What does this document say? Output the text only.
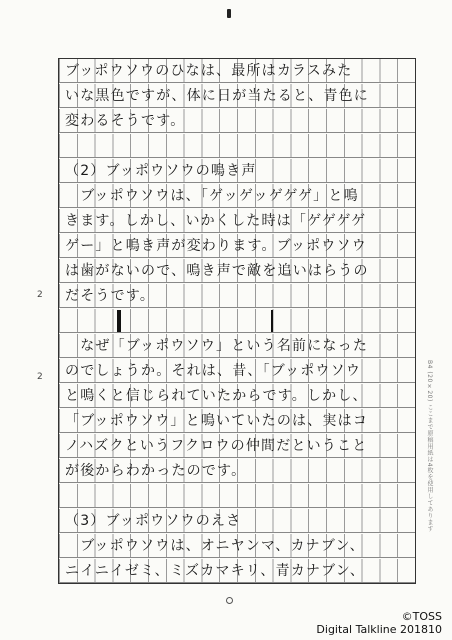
2
2	B4 (20×20) ここまで原稿用紙は4枚を使用してあります
ブッポウソウのひなは、最所はカラスみた
いな黒色ですが、体に日が当たると、青色に
変わるそうです。
（2）ブッポウソウの鳴き声
　ブッポウソウは、「ゲッゲッゲゲゲ」と鳴
きます。しかし、いかくした時は「ゲゲゲゲ
ゲー」と鳴き声が変わります。ブッポウソウ
は歯がないので、鳴き声で敵を追いはらうの
だそうです。
　なぜ「ブッポウソウ」という名前になった
のでしょうか。それは、昔、「ブッポウソウ
と鳴くと信じられていたからです。しかし、
「ブッポウソウ」と鳴いていたのは、実はコ
ノハズクというフクロウの仲間だということ
が後からわかったのです。
（3）ブッポウソウのえさ
　ブッポウソウは、オニヤンマ、カナブン、
ニイニイゼミ、ミズカマキリ、青カナブン、
©TOSS
Digital Talkline 201810
